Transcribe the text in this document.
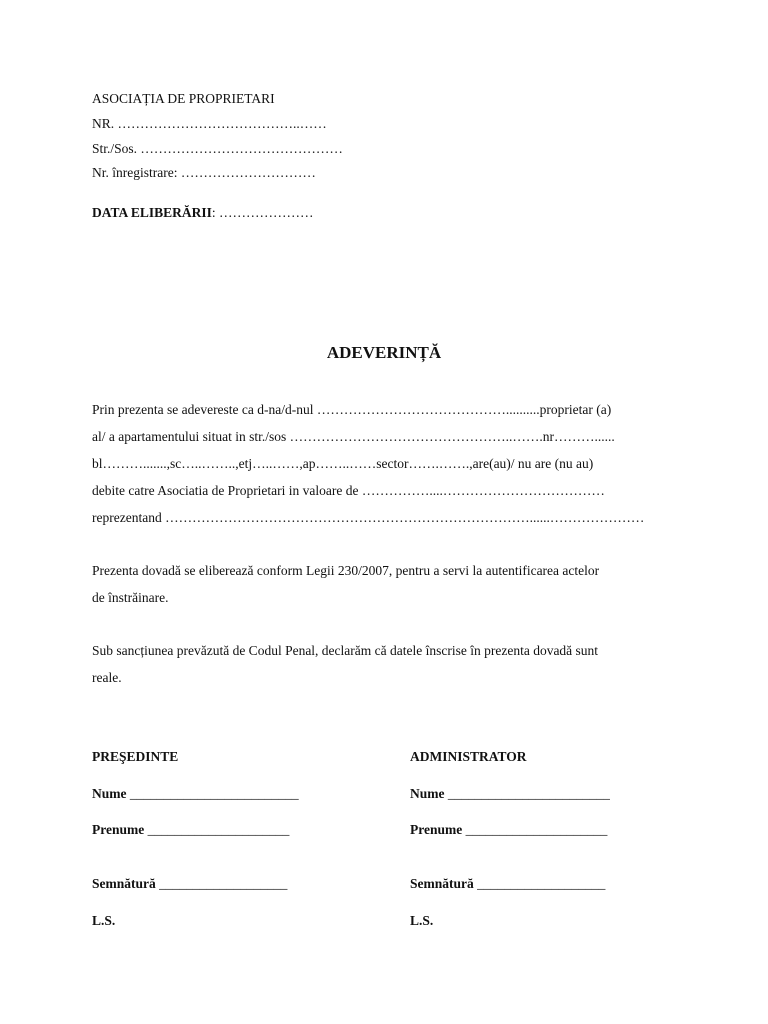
ASOCIAȚIA DE PROPRIETARI
NR. …………………………………..……
Str./Sos. ………………………………………
Nr. înregistrare: …………………………
DATA ELIBERĂRII: …………………
ADEVERINȚĂ
Prin prezenta se adevereste ca d-na/d-nul ……………………………………..........proprietar (a)
al/ a apartamentului situat in str./sos …………………………………………..…….nr………......
bl……….......,sc…..……..,etj…..……,ap……..……sector…….…….,are(au)/ nu are (nu au)
debite catre Asociatia de Proprietari in valoare de ……………....………………………………
reprezentand ………………………………………………………………………......…………………
Prezenta dovadă se eliberează conform Legii 230/2007, pentru a servi la autentificarea actelor
de înstrăinare.
Sub sancțiunea prevăzută de Codul Penal, declarăm că datele înscrise în prezenta dovadă sunt
reale.
PREŞEDINTE
Nume _________________________
Prenume _____________________
Semnătură ___________________
L.S.
ADMINISTRATOR
Nume ________________________
Prenume _____________________
Semnătură ___________________
L.S.
